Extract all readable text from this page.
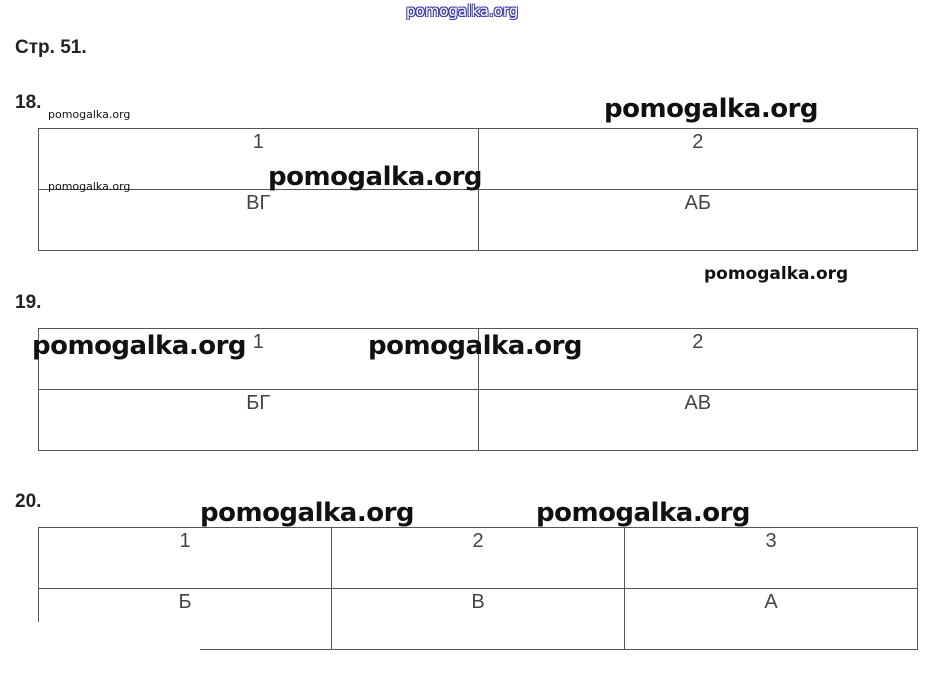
pomogalka.org
Стр. 51.
18.
1	2
ВГ	АБ
19.
1	2
БГ	АВ
20.
1	2	3
Б	В	А
pomogalka.org
pomogalka.org
pomogalka.org
pomogalka.org
pomogalka.org
pomogalka.org	pomogalka.org
pomogalka.org	pomogalka.org
